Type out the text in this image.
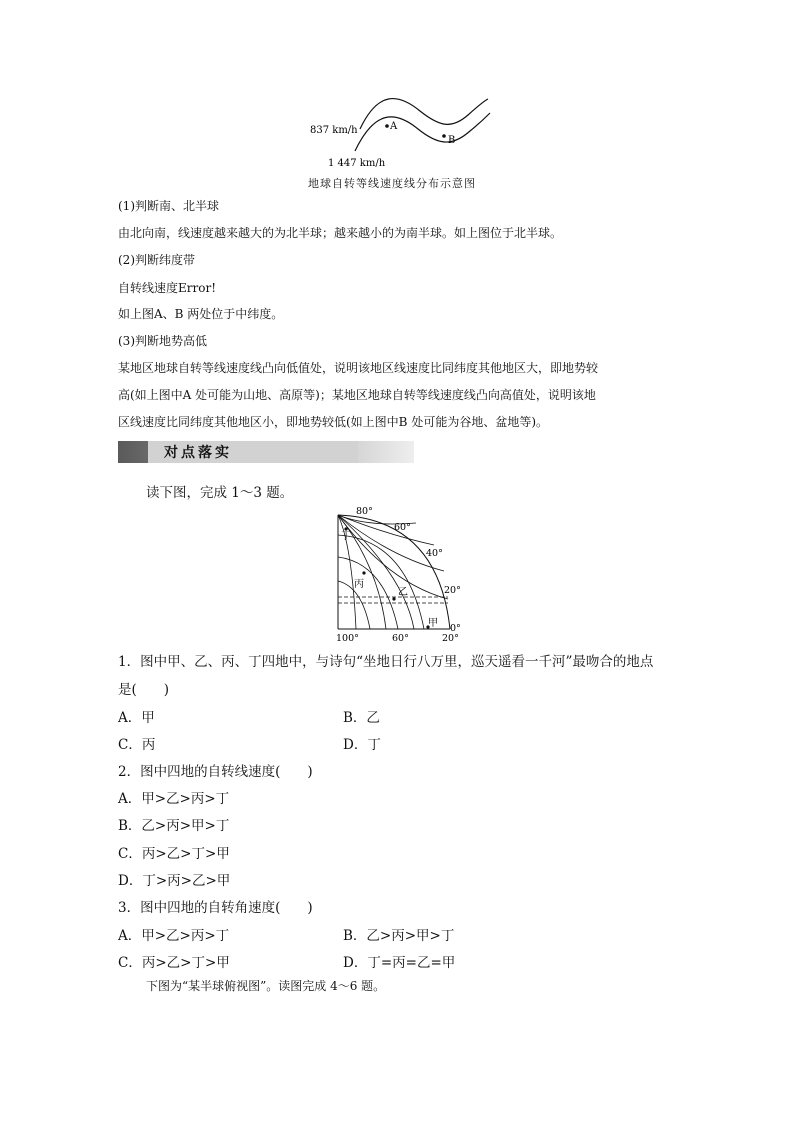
837 km/h
1 447 km/h
A
B
地球自转等线速度线分布示意图
(1)判断南、北半球
由北向南，线速度越来越大的为北半球；越来越小的为南半球。如上图位于北半球。
(2)判断纬度带
自转线速度Error!
如上图A、B 两处位于中纬度。
(3)判断地势高低
某地区地球自转等线速度线凸向低值处，说明该地区线速度比同纬度其他地区大，即地势较
高(如上图中A 处可能为山地、高原等)；某地区地球自转等线速度线凸向高值处，说明该地
区线速度比同纬度其他地区小，即地势较低(如上图中B 处可能为谷地、盆地等)。
对点落实
读下图，完成 1～3 题。
80°
60°
40°
20°
0°
100°	60°	20°
丁
丙
乙
甲
1．图中甲、乙、丙、丁四地中，与诗句“坐地日行八万里，巡天遥看一千河”最吻合的地点
是(　　)
A．甲	B．乙
C．丙	D．丁
2．图中四地的自转线速度(　　)
A．甲>乙>丙>丁
B．乙>丙>甲>丁
C．丙>乙>丁>甲
D．丁>丙>乙>甲
3．图中四地的自转角速度(　　)
A．甲>乙>丙>丁	B．乙>丙>甲>丁
C．丙>乙>丁>甲	D．丁=丙=乙=甲
下图为“某半球俯视图”。读图完成 4～6 题。
